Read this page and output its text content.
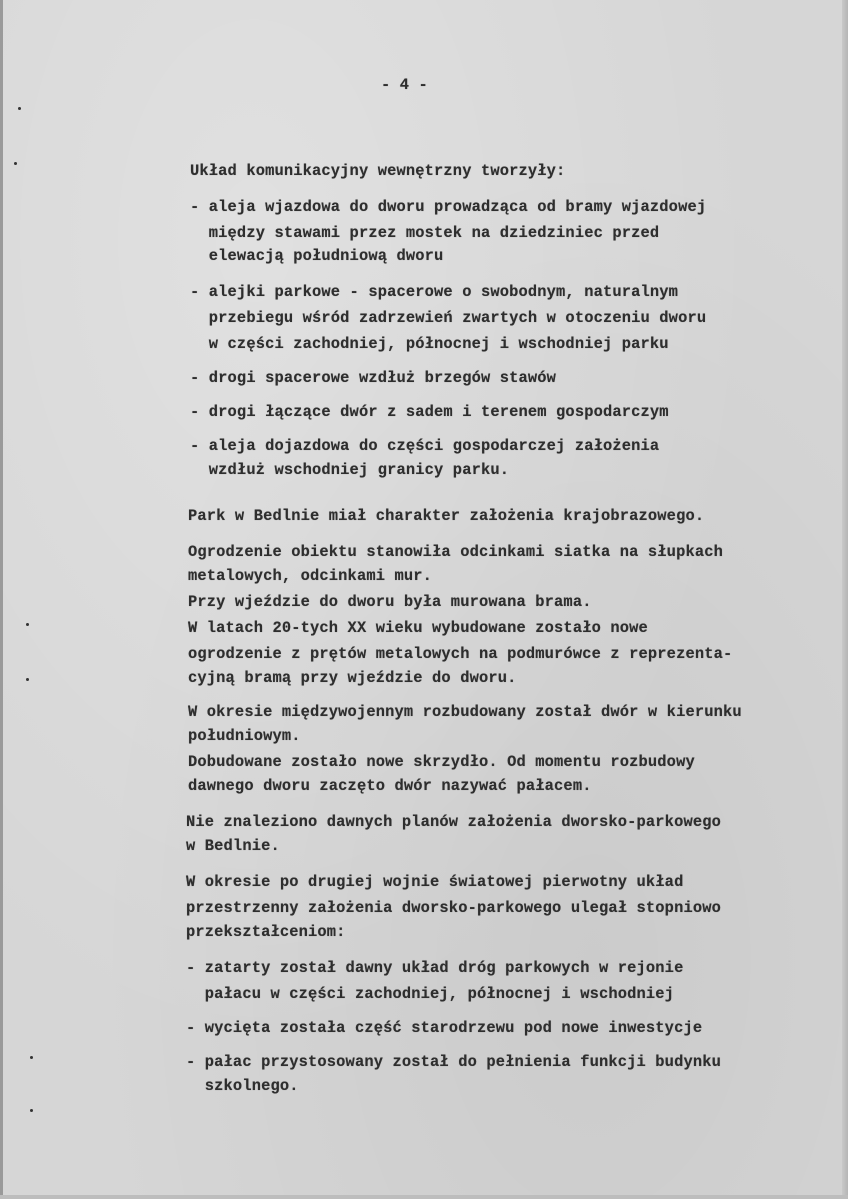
- 4 -
Układ komunikacyjny wewnętrzny tworzyły:
- aleja wjazdowa do dworu prowadząca od bramy wjazdowej
między stawami przez mostek na dziedziniec przed
elewacją południową dworu
- alejki parkowe - spacerowe o swobodnym, naturalnym
przebiegu wśród zadrzewień zwartych w otoczeniu dworu
w części zachodniej, północnej i wschodniej parku
- drogi spacerowe wzdłuż brzegów stawów
- drogi łączące dwór z sadem i terenem gospodarczym
- aleja dojazdowa do części gospodarczej założenia
wzdłuż wschodniej granicy parku.
Park w Bedlnie miał charakter założenia krajobrazowego.
Ogrodzenie obiektu stanowiła odcinkami siatka na słupkach
metalowych, odcinkami mur.
Przy wjeździe do dworu była murowana brama.
W latach 20-tych XX wieku wybudowane zostało nowe
ogrodzenie z prętów metalowych na podmurówce z reprezenta-
cyjną bramą przy wjeździe do dworu.
W okresie międzywojennym rozbudowany został dwór w kierunku
południowym.
Dobudowane zostało nowe skrzydło. Od momentu rozbudowy
dawnego dworu zaczęto dwór nazywać pałacem.
Nie znaleziono dawnych planów założenia dworsko-parkowego
w Bedlnie.
W okresie po drugiej wojnie światowej pierwotny układ
przestrzenny założenia dworsko-parkowego ulegał stopniowo
przekształceniom:
- zatarty został dawny układ dróg parkowych w rejonie
pałacu w części zachodniej, północnej i wschodniej
- wycięta została część starodrzewu pod nowe inwestycje
- pałac przystosowany został do pełnienia funkcji budynku
szkolnego.
